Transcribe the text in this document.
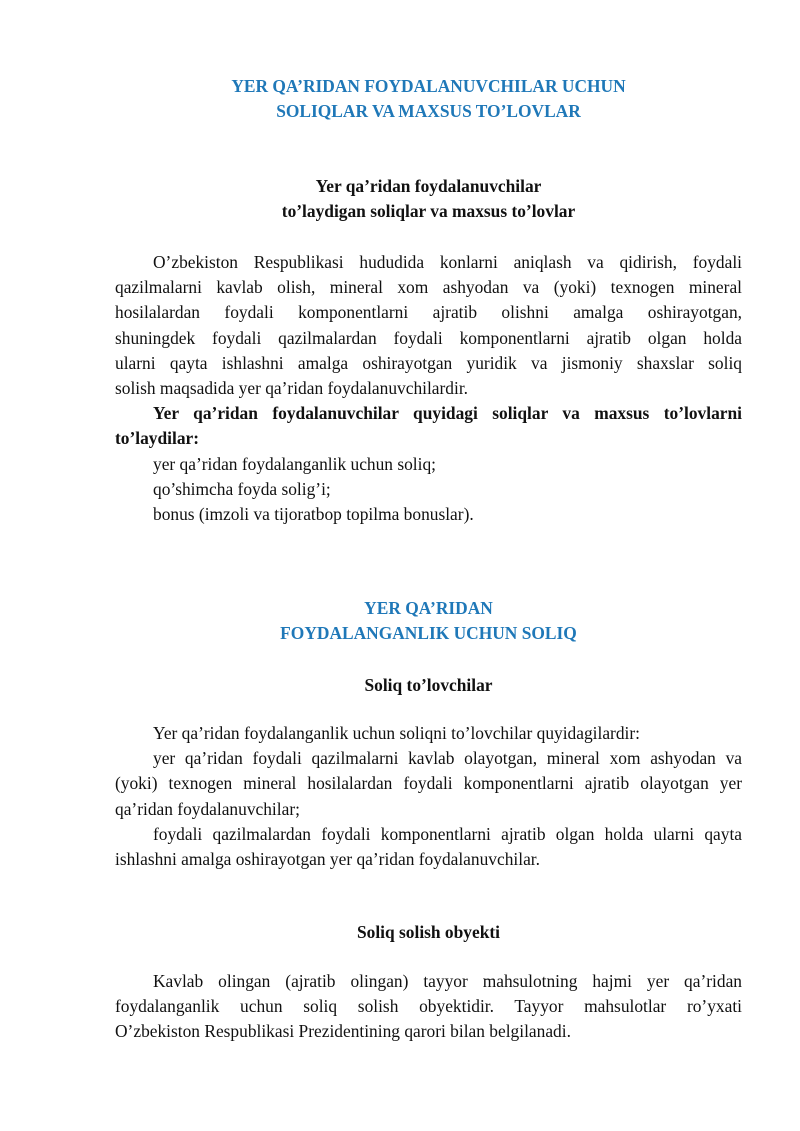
YER QA’RIDAN FOYDALANUVCHILAR UCHUN
SOLIQLAR VA MAXSUS TO’LOVLAR
Yer qa’ridan foydalanuvchilar
to’laydigan soliqlar va maxsus to’lovlar
O’zbekiston Respublikasi hududida konlarni aniqlash va qidirish, foydali
qazilmalarni kavlab olish, mineral xom ashyodan va (yoki) texnogen mineral
hosilalardan foydali komponentlarni ajratib olishni amalga oshirayotgan,
shuningdek foydali qazilmalardan foydali komponentlarni ajratib olgan holda
ularni qayta ishlashni amalga oshirayotgan yuridik va jismoniy shaxslar soliq
solish maqsadida yer qa’ridan foydalanuvchilardir.
Yer qa’ridan foydalanuvchilar quyidagi soliqlar va maxsus to’lovlarni
to’laydilar:
yer qa’ridan foydalanganlik uchun soliq;
qo’shimcha foyda solig’i;
bonus (imzoli va tijoratbop topilma bonuslar).
YER QA’RIDAN
FOYDALANGANLIK UCHUN SOLIQ
Soliq to’lovchilar
Yer qa’ridan foydalanganlik uchun soliqni to’lovchilar quyidagilardir:
yer qa’ridan foydali qazilmalarni kavlab olayotgan, mineral xom ashyodan va
(yoki) texnogen mineral hosilalardan foydali komponentlarni ajratib olayotgan yer
qa’ridan foydalanuvchilar;
foydali qazilmalardan foydali komponentlarni ajratib olgan holda ularni qayta
ishlashni amalga oshirayotgan yer qa’ridan foydalanuvchilar.
Soliq solish obyekti
Kavlab olingan (ajratib olingan) tayyor mahsulotning hajmi yer qa’ridan
foydalanganlik uchun soliq solish obyektidir. Tayyor mahsulotlar ro’yxati
O’zbekiston Respublikasi Prezidentining qarori bilan belgilanadi.
